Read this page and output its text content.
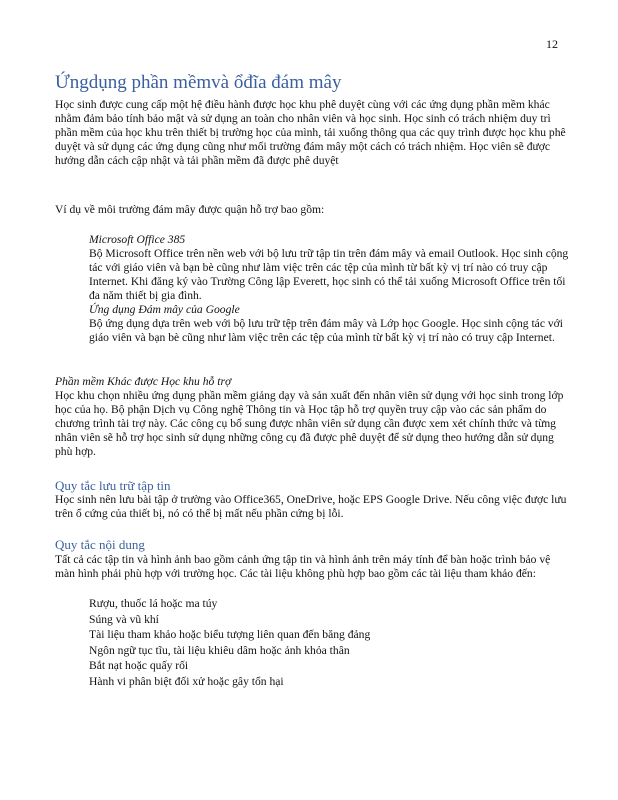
12
Ứngdụng phần mềmvà ổđĩa đám mây
Học sinh được cung cấp một hệ điều hành được học khu phê duyệt cùng với các ứng dụng phần mềm khác nhằm đảm bảo tính bảo mật và sử dụng an toàn cho nhân viên và học sinh. Học sinh có trách nhiệm duy trì phần mềm của học khu trên thiết bị trường học của mình, tải xuống thông qua các quy trình được học khu phê duyệt và sử dụng các ứng dụng cũng như mối trường đám mây một cách có trách nhiệm. Học viên sẽ được hướng dẫn cách cập nhật và tải phần mềm đã được phê duyệt
Ví dụ về môi trường đám mây được quận hỗ trợ bao gồm:
Microsoft Office 385
Bộ Microsoft Office trên nền web với bộ lưu trữ tập tin trên đám mây và email Outlook. Học sinh cộng tác với giáo viên và bạn bè cũng như làm việc trên các tệp của mình từ bất kỳ vị trí nào có truy cập Internet. Khi đăng ký vào Trường Công lập Everett, học sinh có thể tải xuống Microsoft Office trên tối đa năm thiết bị gia đình.
Ứng dụng Đám mây của Google
Bộ ứng dụng dựa trên web với bộ lưu trữ tệp trên đám mây và Lớp học Google. Học sinh cộng tác với giáo viên và bạn bè cũng như làm việc trên các tệp của mình từ bất kỳ vị trí nào có truy cập Internet.
Phần mềm Khác được Học khu hỗ trợ
Học khu chọn nhiều ứng dụng phần mềm giảng dạy và sản xuất đến nhân viên sử dụng với học sinh trong lớp học của họ. Bộ phận Dịch vụ Công nghệ Thông tin và Học tập hỗ trợ quyền truy cập vào các sản phẩm do chương trình tài trợ này. Các công cụ bổ sung được nhân viên sử dụng cần được xem xét chính thức và từng nhân viên sẽ hỗ trợ học sinh sử dụng những công cụ đã được phê duyệt để sử dụng theo hướng dẫn sử dụng phù hợp.
Quy tắc lưu trữ tập tin
Học sinh nên lưu bài tập ở trường vào Office365, OneDrive, hoặc EPS Google Drive. Nếu công việc được lưu trên ổ cứng của thiết bị, nó có thể bị mất nếu phần cứng bị lỗi.
Quy tắc nội dung
Tất cả các tập tin và hình ảnh bao gồm cảnh ứng tập tin và hình ảnh trên máy tính để bàn hoặc trình bảo vệ màn hình phải phù hợp với trường học. Các tài liệu không phù hợp bao gồm các tài liệu tham khảo đến:
Rượu, thuốc lá hoặc ma túy
Súng và vũ khí
Tài liệu tham khảo hoặc biểu tượng liên quan đến băng đảng
Ngôn ngữ tục tĩu, tài liệu khiêu dâm hoặc ảnh khỏa thân
Bắt nạt hoặc quấy rối
Hành vi phân biệt đối xử hoặc gây tổn hại
